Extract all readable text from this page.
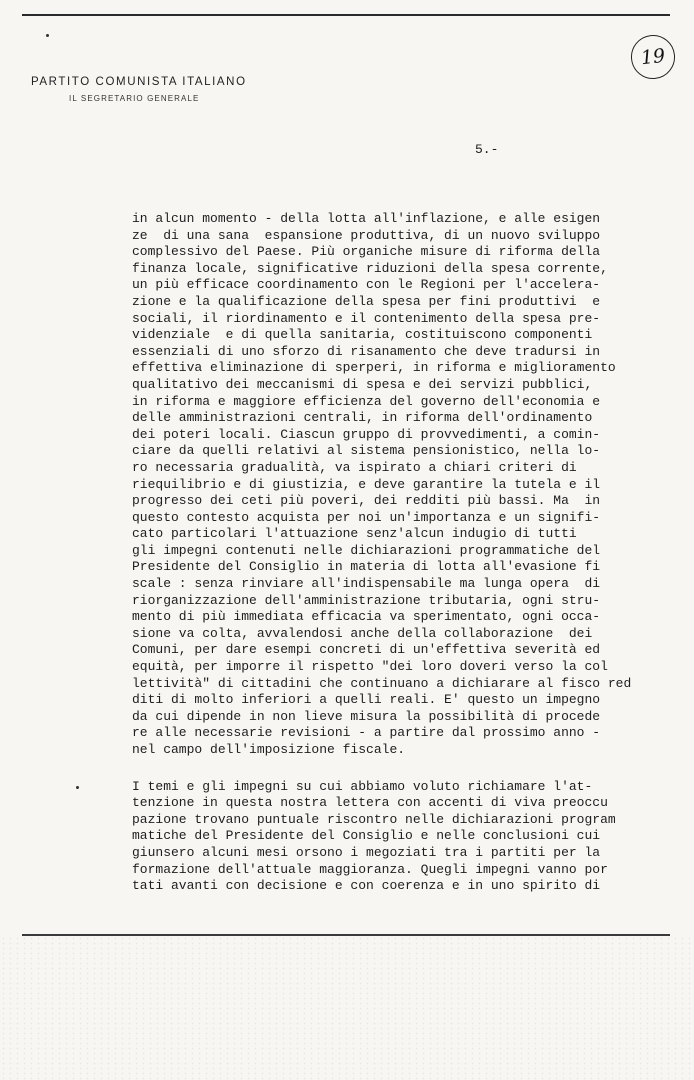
PARTITO COMUNISTA ITALIANO
IL SEGRETARIO GENERALE
19
5.-
in alcun momento - della lotta all'inflazione, e alle esigen
ze  di una sana  espansione produttiva, di un nuovo sviluppo
complessivo del Paese. Più organiche misure di riforma della
finanza locale, significative riduzioni della spesa corrente,
un più efficace coordinamento con le Regioni per l'accelera-
zione e la qualificazione della spesa per fini produttivi  e
sociali, il riordinamento e il contenimento della spesa pre-
videnziale  e di quella sanitaria, costituiscono componenti
essenziali di uno sforzo di risanamento che deve tradursi in
effettiva eliminazione di sperperi, in riforma e miglioramento
qualitativo dei meccanismi di spesa e dei servizi pubblici,
in riforma e maggiore efficienza del governo dell'economia e
delle amministrazioni centrali, in riforma dell'ordinamento
dei poteri locali. Ciascun gruppo di provvedimenti, a comin-
ciare da quelli relativi al sistema pensionistico, nella lo-
ro necessaria gradualità, va ispirato a chiari criteri di
riequilibrio e di giustizia, e deve garantire la tutela e il
progresso dei ceti più poveri, dei redditi più bassi. Ma  in
questo contesto acquista per noi un'importanza e un signifi-
cato particolari l'attuazione senz'alcun indugio di tutti
gli impegni contenuti nelle dichiarazioni programmatiche del
Presidente del Consiglio in materia di lotta all'evasione fi
scale : senza rinviare all'indispensabile ma lunga opera  di
riorganizzazione dell'amministrazione tributaria, ogni stru-
mento di più immediata efficacia va sperimentato, ogni occa-
sione va colta, avvalendosi anche della collaborazione  dei
Comuni, per dare esempi concreti di un'effettiva severità ed
equità, per imporre il rispetto "dei loro doveri verso la col
lettività" di cittadini che continuano a dichiarare al fisco red
diti di molto inferiori a quelli reali. E' questo un impegno
da cui dipende in non lieve misura la possibilità di procede
re alle necessarie revisioni - a partire dal prossimo anno -
nel campo dell'imposizione fiscale.
I temi e gli impegni su cui abbiamo voluto richiamare l'at-
tenzione in questa nostra lettera con accenti di viva preoccu
pazione trovano puntuale riscontro nelle dichiarazioni program
matiche del Presidente del Consiglio e nelle conclusioni cui
giunsero alcuni mesi orsono i megoziati tra i partiti per la
formazione dell'attuale maggioranza. Quegli impegni vanno por
tati avanti con decisione e con coerenza e in uno spirito di
